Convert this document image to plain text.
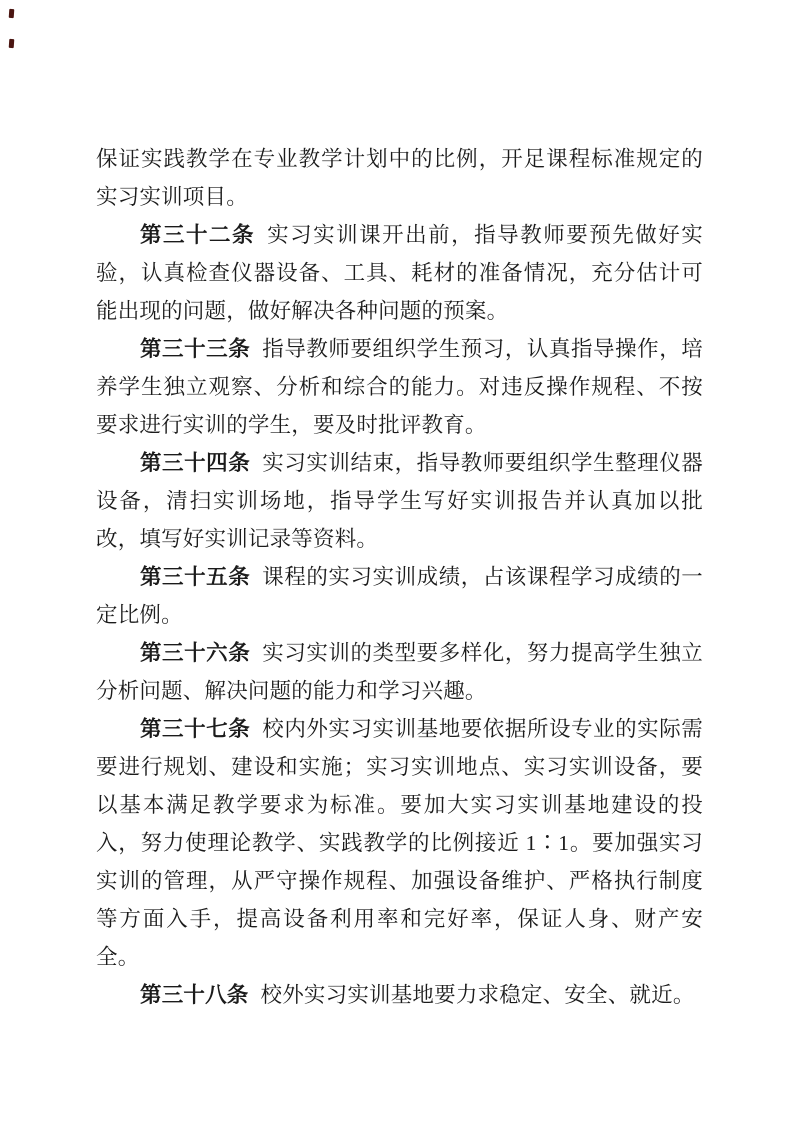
保证实践教学在专业教学计划中的比例，开足课程标准规定的实习实训项目。

第三十二条 实习实训课开出前，指导教师要预先做好实验，认真检查仪器设备、工具、耗材的准备情况，充分估计可能出现的问题，做好解决各种问题的预案。

第三十三条 指导教师要组织学生预习，认真指导操作，培养学生独立观察、分析和综合的能力。对违反操作规程、不按要求进行实训的学生，要及时批评教育。

第三十四条 实习实训结束，指导教师要组织学生整理仪器设备，清扫实训场地，指导学生写好实训报告并认真加以批改，填写好实训记录等资料。

第三十五条 课程的实习实训成绩，占该课程学习成绩的一定比例。

第三十六条 实习实训的类型要多样化，努力提高学生独立分析问题、解决问题的能力和学习兴趣。

第三十七条 校内外实习实训基地要依据所设专业的实际需要进行规划、建设和实施；实习实训地点、实习实训设备，要以基本满足教学要求为标准。要加大实习实训基地建设的投入，努力使理论教学、实践教学的比例接近 1∶1。要加强实习实训的管理，从严守操作规程、加强设备维护、严格执行制度等方面入手，提高设备利用率和完好率，保证人身、财产安全。

第三十八条 校外实习实训基地要力求稳定、安全、就近。
